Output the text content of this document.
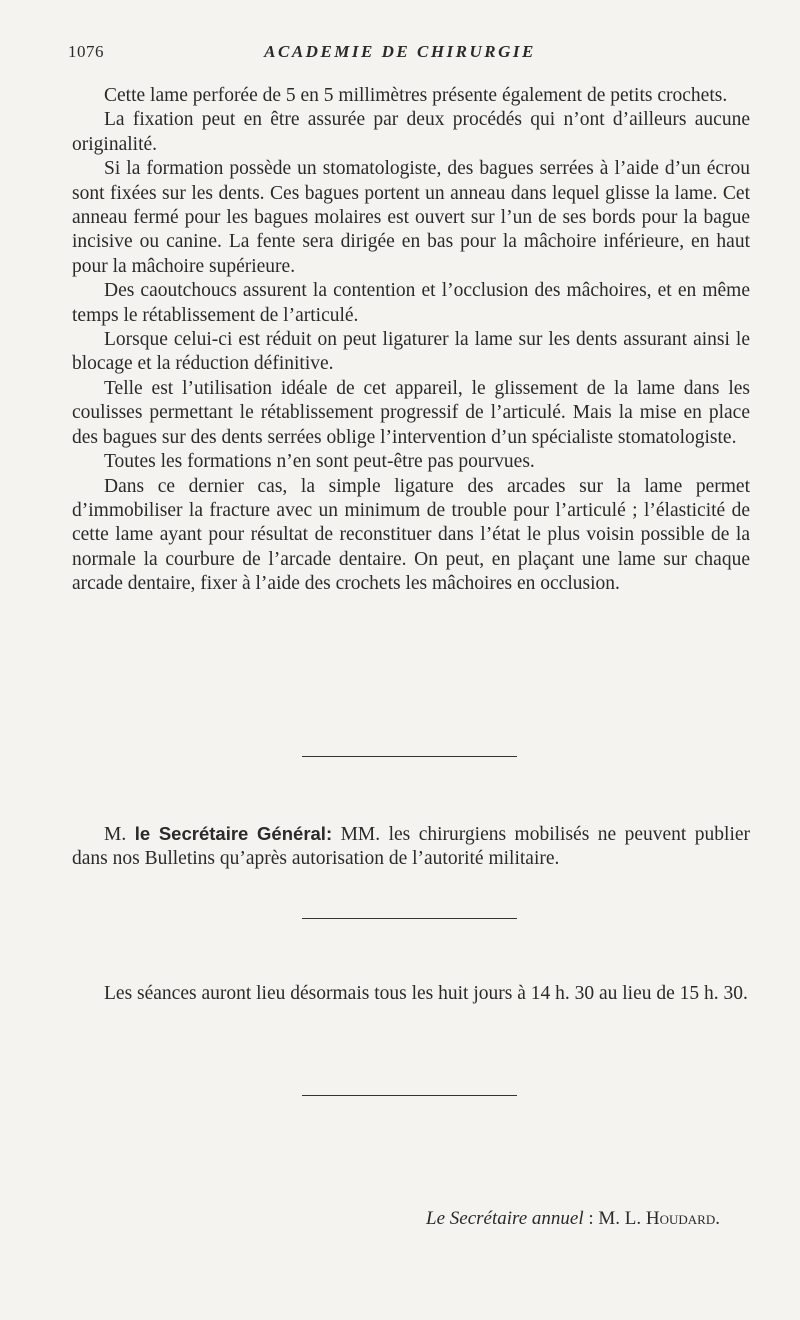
1076	ACADEMIE DE CHIRURGIE

Cette lame perforée de 5 en 5 millimètres présente également de petits crochets.

La fixation peut en être assurée par deux procédés qui n’ont d’ailleurs aucune originalité.

Si la formation possède un stomatologiste, des bagues serrées à l’aide d’un écrou sont fixées sur les dents. Ces bagues portent un anneau dans lequel glisse la lame. Cet anneau fermé pour les bagues molaires est ouvert sur l’un de ses bords pour la bague incisive ou canine. La fente sera dirigée en bas pour la mâchoire inférieure, en haut pour la mâchoire supérieure.

Des caoutchoucs assurent la contention et l’occlusion des mâchoires, et en même temps le rétablissement de l’articulé.

Lorsque celui-ci est réduit on peut ligaturer la lame sur les dents assurant ainsi le blocage et la réduction définitive.

Telle est l’utilisation idéale de cet appareil, le glissement de la lame dans les coulisses permettant le rétablissement progressif de l’articulé. Mais la mise en place des bagues sur des dents serrées oblige l’intervention d’un spécialiste stomatologiste.

Toutes les formations n’en sont peut-être pas pourvues.

Dans ce dernier cas, la simple ligature des arcades sur la lame permet d’immobiliser la fracture avec un minimum de trouble pour l’articulé ; l’élasticité de cette lame ayant pour résultat de reconstituer dans l’état le plus voisin possible de la normale la courbure de l’arcade dentaire. On peut, en plaçant une lame sur chaque arcade dentaire, fixer à l’aide des crochets les mâchoires en occlusion.

M. le Secrétaire Général: MM. les chirurgiens mobilisés ne peuvent publier dans nos Bulletins qu’après autorisation de l’autorité militaire.

Les séances auront lieu désormais tous les huit jours à 14 h. 30 au lieu de 15 h. 30.

Le Secrétaire annuel : M. L. Houdard.
